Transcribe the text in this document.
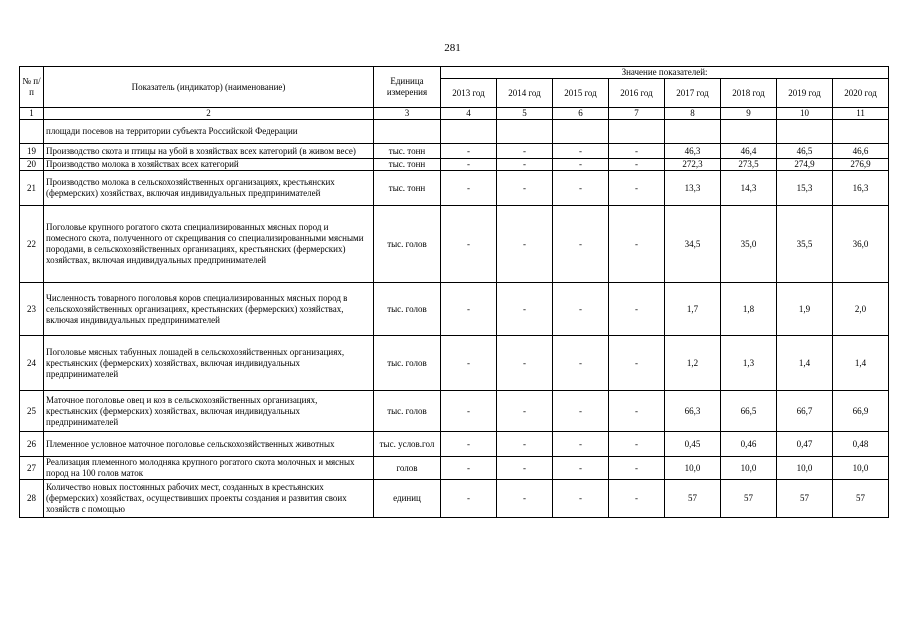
281
№ п/п	Показатель (индикатор) (наименование)	Единица измерения	Значение показателей:							
			2013 год	2014 год	2015 год	2016 год	2017 год	2018 год	2019 год	2020 год
1	2	3	4	5	6	7	8	9	10	11
	площади посевов на территории субъекта Российской Федерации									
19	Производство скота и птицы на убой в хозяйствах всех категорий (в живом весе)	тыс. тонн	-	-	-	-	46,3	46,4	46,5	46,6
20	Производство молока в хозяйствах всех категорий	тыс. тонн	-	-	-	-	272,3	273,5	274,9	276,9
21	Производство молока в сельскохозяйственных организациях, крестьянских (фермерских) хозяйствах, включая индивидуальных предпринимателей	тыс. тонн	-	-	-	-	13,3	14,3	15,3	16,3
22	Поголовье крупного рогатого скота специализированных мясных пород и помесного скота, полученного от скрещивания со специализированными мясными породами, в сельскохозяйственных организациях, крестьянских (фермерских) хозяйствах, включая индивидуальных предпринимателей	тыс. голов	-	-	-	-	34,5	35,0	35,5	36,0
23	Численность товарного поголовья коров специализированных мясных пород в сельскохозяйственных организациях, крестьянских (фермерских) хозяйствах, включая индивидуальных предпринимателей	тыс. голов	-	-	-	-	1,7	1,8	1,9	2,0
24	Поголовье мясных табунных лошадей в сельскохозяйственных организациях, крестьянских (фермерских) хозяйствах, включая индивидуальных предпринимателей	тыс. голов	-	-	-	-	1,2	1,3	1,4	1,4
25	Маточное поголовье овец и коз в сельскохозяйственных организациях, крестьянских (фермерских) хозяйствах, включая индивидуальных предпринимателей	тыс. голов	-	-	-	-	66,3	66,5	66,7	66,9
26	Племенное условное маточное поголовье сельскохозяйственных животных	тыс. услов.гол	-	-	-	-	0,45	0,46	0,47	0,48
27	Реализация племенного молодняка крупного рогатого скота молочных и мясных пород на 100 голов маток	голов	-	-	-	-	10,0	10,0	10,0	10,0
28	Количество новых постоянных рабочих мест, созданных в крестьянских (фермерских) хозяйствах, осуществивших проекты создания и развития своих хозяйств с помощью	единиц	-	-	-	-	57	57	57	57
